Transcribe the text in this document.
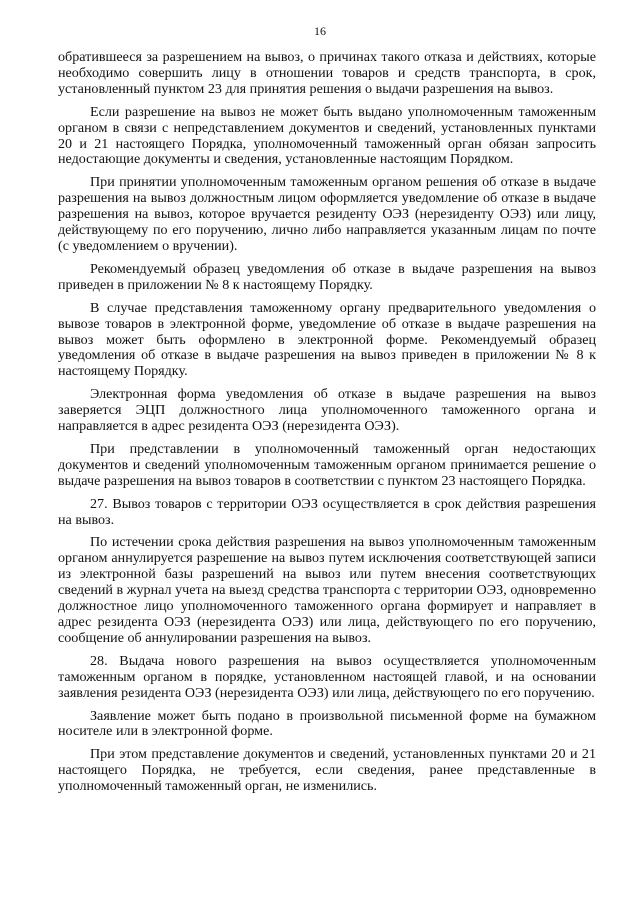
16

обратившееся за разрешением на вывоз, о причинах такого отказа и действиях, которые необходимо совершить лицу в отношении товаров и средств транспорта, в срок, установленный пунктом 23 для принятия решения о выдачи разрешения на вывоз.

Если разрешение на вывоз не может быть выдано уполномоченным таможенным органом в связи с непредставлением документов и сведений, установленных пунктами 20 и 21 настоящего Порядка, уполномоченный таможенный орган обязан запросить недостающие документы и сведения, установленные настоящим Порядком.

При принятии уполномоченным таможенным органом решения об отказе в выдаче разрешения на вывоз должностным лицом оформляется уведомление об отказе в выдаче разрешения на вывоз, которое вручается резиденту ОЭЗ (нерезиденту ОЭЗ) или лицу, действующему по его поручению, лично либо направляется указанным лицам по почте (с уведомлением о вручении).

Рекомендуемый образец уведомления об отказе в выдаче разрешения на вывоз приведен в приложении № 8 к настоящему Порядку.

В случае представления таможенному органу предварительного уведомления о вывозе товаров в электронной форме, уведомление об отказе в выдаче разрешения на вывоз может быть оформлено в электронной форме. Рекомендуемый образец уведомления об отказе в выдаче разрешения на вывоз приведен в приложении № 8 к настоящему Порядку.

Электронная форма уведомления об отказе в выдаче разрешения на вывоз заверяется ЭЦП должностного лица уполномоченного таможенного органа и направляется в адрес резидента ОЭЗ (нерезидента ОЭЗ).

При представлении в уполномоченный таможенный орган недостающих документов и сведений уполномоченным таможенным органом принимается решение о выдаче разрешения на вывоз товаров в соответствии с пунктом 23 настоящего Порядка.

27. Вывоз товаров с территории ОЭЗ осуществляется в срок действия разрешения на вывоз.

По истечении срока действия разрешения на вывоз уполномоченным таможенным органом аннулируется разрешение на вывоз путем исключения соответствующей записи из электронной базы разрешений на вывоз или путем внесения соответствующих сведений в журнал учета на выезд средства транспорта с территории ОЭЗ, одновременно должностное лицо уполномоченного таможенного органа формирует и направляет в адрес резидента ОЭЗ (нерезидента ОЭЗ) или лица, действующего по его поручению, сообщение об аннулировании разрешения на вывоз.

28. Выдача нового разрешения на вывоз осуществляется уполномоченным таможенным органом в порядке, установленном настоящей главой, и на основании заявления резидента ОЭЗ (нерезидента ОЭЗ) или лица, действующего по его поручению.

Заявление может быть подано в произвольной письменной форме на бумажном носителе или в электронной форме.

При этом представление документов и сведений, установленных пунктами 20 и 21 настоящего Порядка, не требуется, если сведения, ранее представленные в уполномоченный таможенный орган, не изменились.
